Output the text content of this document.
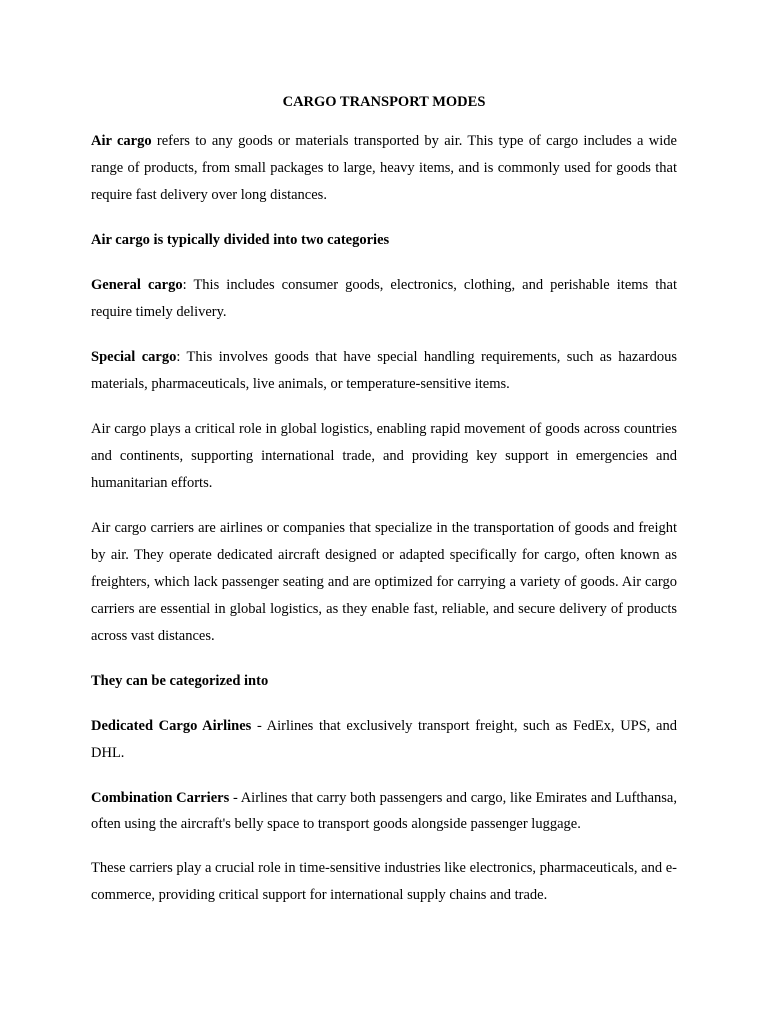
CARGO TRANSPORT MODES
Air cargo refers to any goods or materials transported by air. This type of cargo includes a wide range of products, from small packages to large, heavy items, and is commonly used for goods that require fast delivery over long distances.
Air cargo is typically divided into two categories
General cargo: This includes consumer goods, electronics, clothing, and perishable items that require timely delivery.
Special cargo: This involves goods that have special handling requirements, such as hazardous materials, pharmaceuticals, live animals, or temperature-sensitive items.
Air cargo plays a critical role in global logistics, enabling rapid movement of goods across countries and continents, supporting international trade, and providing key support in emergencies and humanitarian efforts.
Air cargo carriers are airlines or companies that specialize in the transportation of goods and freight by air. They operate dedicated aircraft designed or adapted specifically for cargo, often known as freighters, which lack passenger seating and are optimized for carrying a variety of goods. Air cargo carriers are essential in global logistics, as they enable fast, reliable, and secure delivery of products across vast distances.
They can be categorized into
Dedicated Cargo Airlines - Airlines that exclusively transport freight, such as FedEx, UPS, and DHL.
Combination Carriers - Airlines that carry both passengers and cargo, like Emirates and Lufthansa, often using the aircraft's belly space to transport goods alongside passenger luggage.
These carriers play a crucial role in time-sensitive industries like electronics, pharmaceuticals, and e-commerce, providing critical support for international supply chains and trade.
